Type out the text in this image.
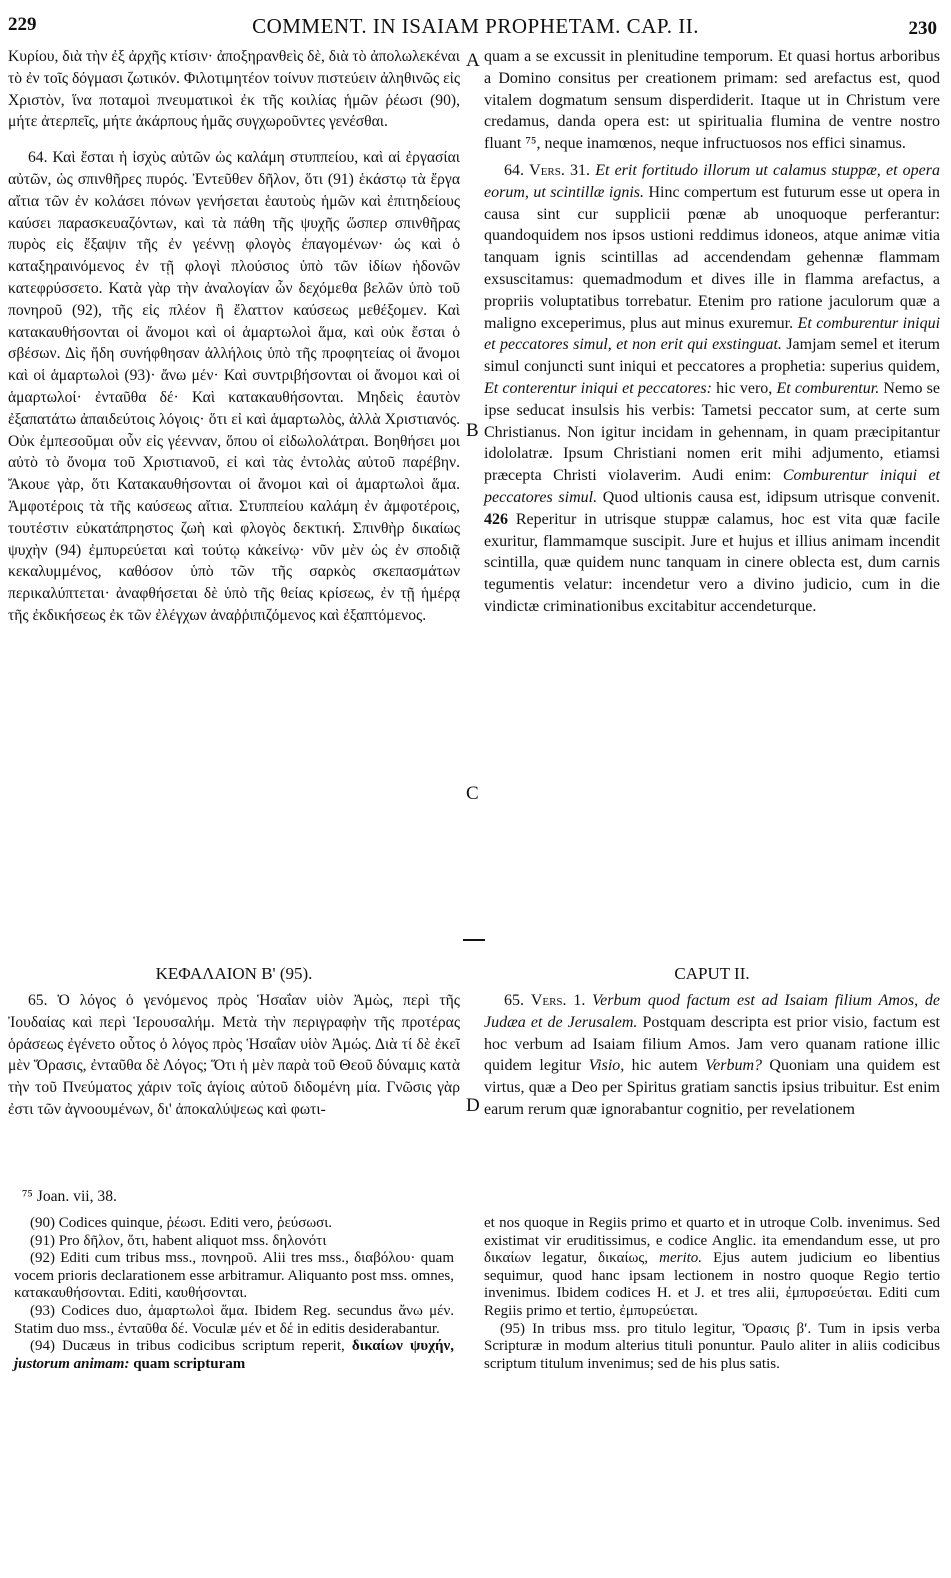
229	COMMENT. IN ISAIAM PROPHETAM. CAP. II.	230

Κυρίου, διὰ τὴν ἐξ ἀρχῆς κτίσιν· ἀποξηρανθεὶς δὲ, διὰ τὸ ἀπολωλεκέναι τὸ ἐν τοῖς δόγμασι ζωτικόν. Φιλοτιμητέον τοίνυν πιστεύειν ἀληθινῶς εἰς Χριστὸν, ἵνα ποταμοὶ πνευματικοὶ ἐκ τῆς κοιλίας ἡμῶν ῥέωσι (90), μήτε ἀτερπεῖς, μήτε ἀκάρπους ἡμᾶς συγχωροῦντες γενέσθαι.

64. Καὶ ἔσται ἡ ἰσχὺς αὐτῶν ὡς καλάμη στυππείου, καὶ αἱ ἐργασίαι αὐτῶν, ὡς σπινθῆρες πυρός. Ἐντεῦθεν δῆλον, ὅτι (91) ἑκάστῳ τὰ ἔργα αἴτια τῶν ἐν κολάσει πόνων γενήσεται ἑαυτοὺς ἡμῶν καὶ ἐπιτηδείους καύσει παρασκευαζόντων, καὶ τὰ πάθη τῆς ψυχῆς ὥσπερ σπινθῆρας πυρὸς εἰς ἔξαψιν τῆς ἐν γεέννῃ φλογὸς ἐπαγομένων· ὡς καὶ ὁ καταξηραινόμενος ἐν τῇ φλογὶ πλούσιος ὑπὸ τῶν ἰδίων ἡδονῶν κατεφρύσσετο. Κατὰ γὰρ τὴν ἀναλογίαν ὧν δεχόμεθα βελῶν ὑπὸ τοῦ πονηροῦ (92), τῆς εἰς πλέον ἢ ἔλαττον καύσεως μεθέξομεν. Καὶ κατακαυθήσονται οἱ ἄνομοι καὶ οἱ ἁμαρτωλοὶ ἅμα, καὶ οὐκ ἔσται ὁ σβέσων. Δὶς ἤδη συνήφθησαν ἀλλήλοις ὑπὸ τῆς προφητείας οἱ ἄνομοι καὶ οἱ ἁμαρτωλοὶ (93)· ἄνω μέν· Καὶ συντριβήσονται οἱ ἄνομοι καὶ οἱ ἁμαρτωλοί· ἐνταῦθα δέ· Καὶ κατακαυθήσονται. Μηδεὶς ἑαυτὸν ἐξαπατάτω ἀπαιδεύτοις λόγοις· ὅτι εἰ καὶ ἁμαρτωλὸς, ἀλλὰ Χριστιανός. Οὐκ ἐμπεσοῦμαι οὖν εἰς γέενναν, ὅπου οἱ εἰδωλολάτραι. Βοηθήσει μοι αὐτὸ τὸ ὄνομα τοῦ Χριστιανοῦ, εἰ καὶ τὰς ἐντολὰς αὐτοῦ παρέβην. Ἄκουε γὰρ, ὅτι Κατακαυθήσονται οἱ ἄνομοι καὶ οἱ ἁμαρτωλοὶ ἅμα. Ἀμφοτέροις τὰ τῆς καύσεως αἴτια. Στυππείου καλάμη ἐν ἀμφοτέροις, τουτέστιν εὐκατάπρηστος ζωὴ καὶ φλογὸς δεκτική. Σπινθὴρ δικαίως ψυχὴν (94) ἐμπυρεύεται καὶ τούτῳ κἀκείνῳ· νῦν μὲν ὡς ἐν σποδιᾷ κεκαλυμμένος, καθόσον ὑπὸ τῶν τῆς σαρκὸς σκεπασμάτων περικαλύπτεται· ἀναφθήσεται δὲ ὑπὸ τῆς θείας κρίσεως, ἐν τῇ ἡμέρᾳ τῆς ἐκδικήσεως ἐκ τῶν ἐλέγχων ἀναῤῥιπιζόμενος καὶ ἐξαπτόμενος.

quam a se excussit in plenitudine temporum. Et quasi hortus arboribus a Domino consitus per creationem primam: sed arefactus est, quod vitalem dogmatum sensum disperdiderit. Itaque ut in Christum vere credamus, danda opera est: ut spiritualia flumina de ventre nostro fluant ⁷⁵, neque inamœnos, neque infructuosos nos effici sinamus.

64. Vers. 31. Et erit fortitudo illorum ut calamus stuppæ, et opera eorum, ut scintillæ ignis. Hinc compertum est futurum esse ut opera in causa sint cur supplicii pœnæ ab unoquoque perferantur: quandoquidem nos ipsos ustioni reddimus idoneos, atque animæ vitia tanquam ignis scintillas ad accendendam gehennæ flammam exsuscitamus: quemadmodum et dives ille in flamma arefactus, a propriis voluptatibus torrebatur. Etenim pro ratione jaculorum quæ a maligno exceperimus, plus aut minus exuremur. Et comburentur iniqui et peccatores simul, et non erit qui exstinguat. Jamjam semel et iterum simul conjuncti sunt iniqui et peccatores a prophetia: superius quidem, Et conterentur iniqui et peccatores: hic vero, Et comburentur. Nemo se ipse seducat insulsis his verbis: Tametsi peccator sum, at certe sum Christianus. Non igitur incidam in gehennam, in quam præcipitantur idololatræ. Ipsum Christiani nomen erit mihi adjumento, etiamsi præcepta Christi violaverim. Audi enim: Comburentur iniqui et peccatores simul. Quod ultionis causa est, idipsum utrisque convenit. 426 Reperitur in utrisque stuppæ calamus, hoc est vita quæ facile exuritur, flammamque suscipit. Jure et hujus et illius animam incendit scintilla, quæ quidem nunc tanquam in cinere oblecta est, dum carnis tegumentis velatur: incendetur vero a divino judicio, cum in die vindictæ criminationibus excitabitur accendeturque.

A
B
C
D
ΚΕΦΑΛΑΙΟΝ Β' (95).	CAPUT II.

65. Ὁ λόγος ὁ γενόμενος πρὸς Ἡσαΐαν υἱὸν Ἀμὼς, περὶ τῆς Ἰουδαίας καὶ περὶ Ἱερουσαλήμ. Μετὰ τὴν περιγραφὴν τῆς προτέρας ὁράσεως ἐγένετο οὗτος ὁ λόγος πρὸς Ἡσαΐαν υἱὸν Ἀμώς. Διὰ τί δὲ ἐκεῖ μὲν Ὅρασις, ἐνταῦθα δὲ Λόγος; Ὅτι ἡ μὲν παρὰ τοῦ Θεοῦ δύναμις κατὰ τὴν τοῦ Πνεύματος χάριν τοῖς ἁγίοις αὐτοῦ διδομένη μία. Γνῶσις γὰρ ἐστι τῶν ἀγνοουμένων, δι' ἀποκαλύψεως καὶ φωτι-

65. Vers. 1. Verbum quod factum est ad Isaiam filium Amos, de Judæa et de Jerusalem. Postquam descripta est prior visio, factum est hoc verbum ad Isaiam filium Amos. Jam vero quanam ratione illic quidem legitur Visio, hic autem Verbum? Quoniam una quidem est virtus, quæ a Deo per Spiritus gratiam sanctis ipsius tribuitur. Est enim earum rerum quæ ignorabantur cognitio, per revelationem

⁷⁵ Joan. vii, 38.

(90) Codices quinque, ῥέωσι. Editi vero, ῥεύσωσι.

(91) Pro δῆλον, ὅτι, habent aliquot mss. δηλονότι

(92) Editi cum tribus mss., πονηροῦ. Alii tres mss., διαβόλου· quam vocem prioris declarationem esse arbitramur. Aliquanto post mss. omnes, κατακαυθήσονται. Editi, καυθήσονται.

(93) Codices duo, ἁμαρτωλοὶ ἅμα. Ibidem Reg. secundus ἄνω μέν. Statim duo mss., ἐνταῦθα δέ. Voculæ μέν et δέ in editis desiderabantur.

(94) Ducæus in tribus codicibus scriptum reperit, δικαίων ψυχήν, justorum animam: quam scripturam

et nos quoque in Regiis primo et quarto et in utroque Colb. invenimus. Sed existimat vir eruditissimus, e codice Anglic. ita emendandum esse, ut pro δικαίων legatur, δικαίως, merito. Ejus autem judicium eo libentius sequimur, quod hanc ipsam lectionem in nostro quoque Regio tertio invenimus. Ibidem codices H. et J. et tres alii, ἐμπυρσεύεται. Editi cum Regiis primo et tertio, ἐμπυρεύεται.

(95) In tribus mss. pro titulo legitur, Ὅρασις βʹ. Tum in ipsis verba Scripturæ in modum alterius tituli ponuntur. Paulo aliter in aliis codicibus scriptum titulum invenimus; sed de his plus satis.
